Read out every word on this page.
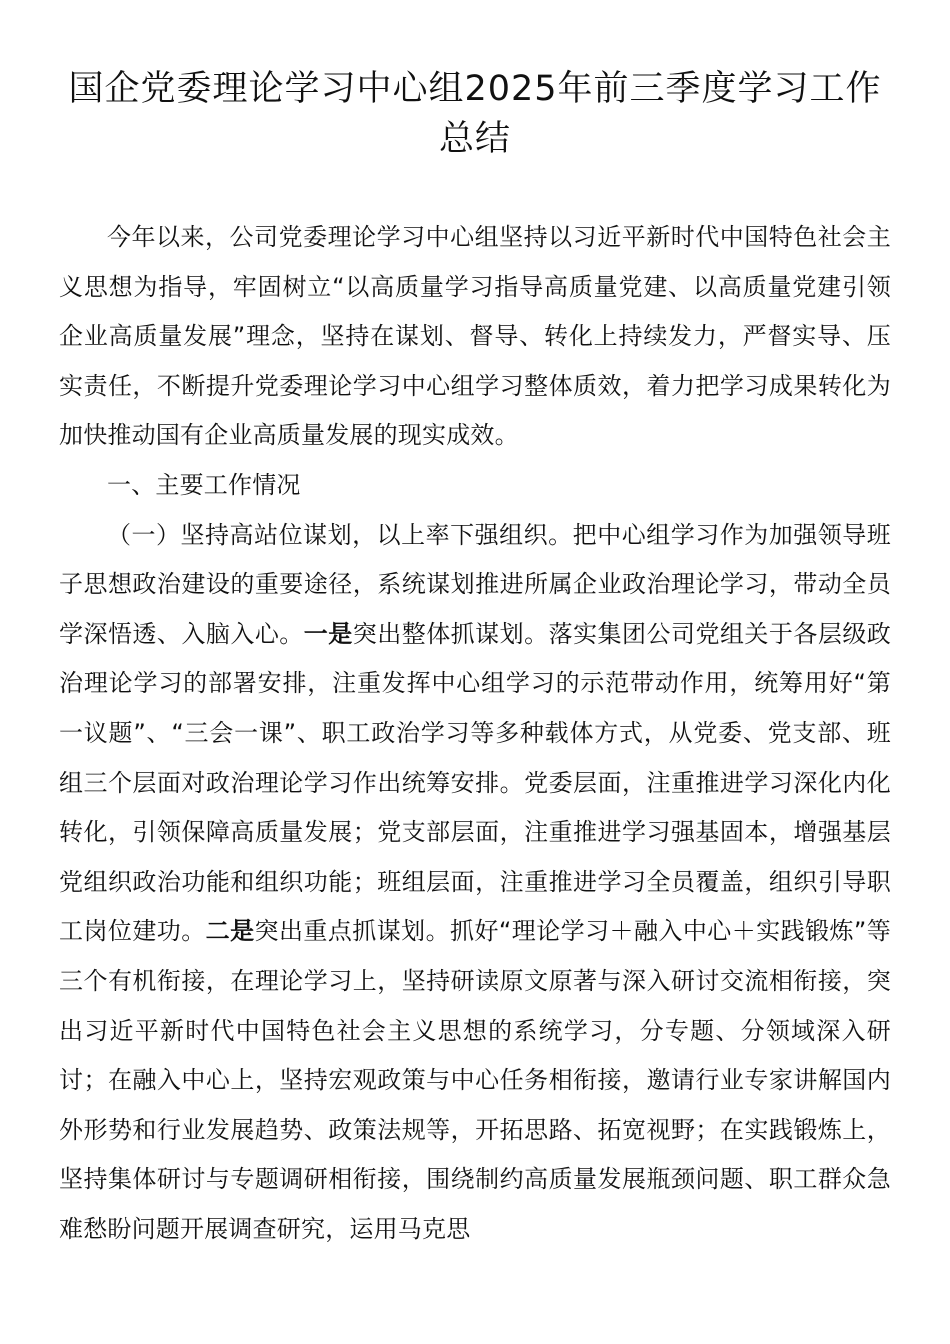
国企党委理论学习中心组2025年前三季度学习工作
总结

今年以来，公司党委理论学习中心组坚持以习近平新时代中国特色社会主义思想为指导，牢固树立“以高质量学习指导高质量党建、以高质量党建引领企业高质量发展”理念，坚持在谋划、督导、转化上持续发力，严督实导、压实责任，不断提升党委理论学习中心组学习整体质效，着力把学习成果转化为加快推动国有企业高质量发展的现实成效。

一、主要工作情况

（一）坚持高站位谋划，以上率下强组织。把中心组学习作为加强领导班子思想政治建设的重要途径，系统谋划推进所属企业政治理论学习，带动全员学深悟透、入脑入心。一是突出整体抓谋划。落实集团公司党组关于各层级政治理论学习的部署安排，注重发挥中心组学习的示范带动作用，统筹用好“第一议题”、“三会一课”、职工政治学习等多种载体方式，从党委、党支部、班组三个层面对政治理论学习作出统筹安排。党委层面，注重推进学习深化内化转化，引领保障高质量发展；党支部层面，注重推进学习强基固本，增强基层党组织政治功能和组织功能；班组层面，注重推进学习全员覆盖，组织引导职工岗位建功。二是突出重点抓谋划。抓好“理论学习＋融入中心＋实践锻炼”等三个有机衔接，在理论学习上，坚持研读原文原著与深入研讨交流相衔接，突出习近平新时代中国特色社会主义思想的系统学习，分专题、分领域深入研讨；在融入中心上，坚持宏观政策与中心任务相衔接，邀请行业专家讲解国内外形势和行业发展趋势、政策法规等，开拓思路、拓宽视野；在实践锻炼上，坚持集体研讨与专题调研相衔接，围绕制约高质量发展瓶颈问题、职工群众急难愁盼问题开展调查研究，运用马克思
